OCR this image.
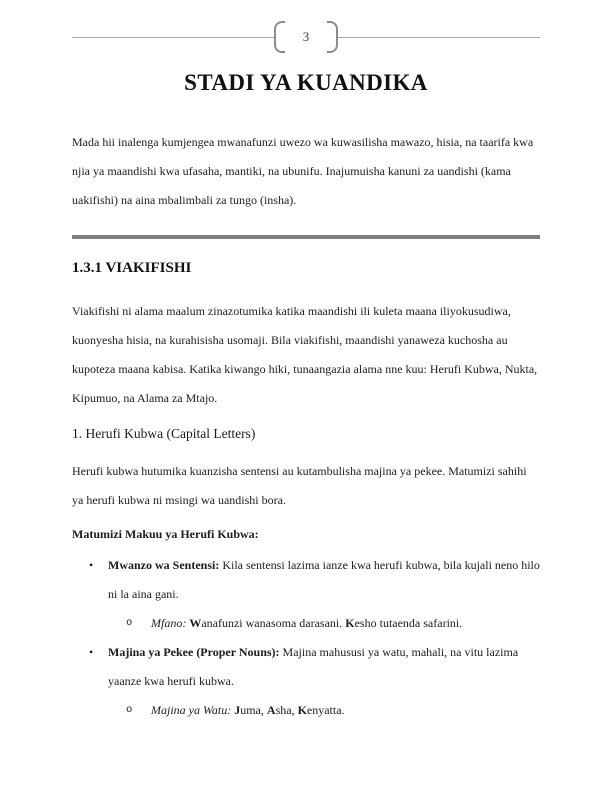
3
STADI YA KUANDIKA

Mada hii inalenga kumjengea mwanafunzi uwezo wa kuwasilisha mawazo, hisia, na taarifa kwa njia ya maandishi kwa ufasaha, mantiki, na ubunifu. Inajumuisha kanuni za uandishi (kama uakifishi) na aina mbalimbali za tungo (insha).

1.3.1 VIAKIFISHI

Viakifishi ni alama maalum zinazotumika katika maandishi ili kuleta maana iliyokusudiwa, kuonyesha hisia, na kurahisisha usomaji. Bila viakifishi, maandishi yanaweza kuchosha au kupoteza maana kabisa. Katika kiwango hiki, tunaangazia alama nne kuu: Herufi Kubwa, Nukta, Kipumuo, na Alama za Mtajo.

1. Herufi Kubwa (Capital Letters)

Herufi kubwa hutumika kuanzisha sentensi au kutambulisha majina ya pekee. Matumizi sahihi ya herufi kubwa ni msingi wa uandishi bora.

Matumizi Makuu ya Herufi Kubwa:

• Mwanzo wa Sentensi: Kila sentensi lazima ianze kwa herufi kubwa, bila kujali neno hilo ni la aina gani.
o Mfano: Wanafunzi wanasoma darasani. Kesho tutaenda safarini.
• Majina ya Pekee (Proper Nouns): Majina mahususi ya watu, mahali, na vitu lazima yaanze kwa herufi kubwa.
o Majina ya Watu: Juma, Asha, Kenyatta.
